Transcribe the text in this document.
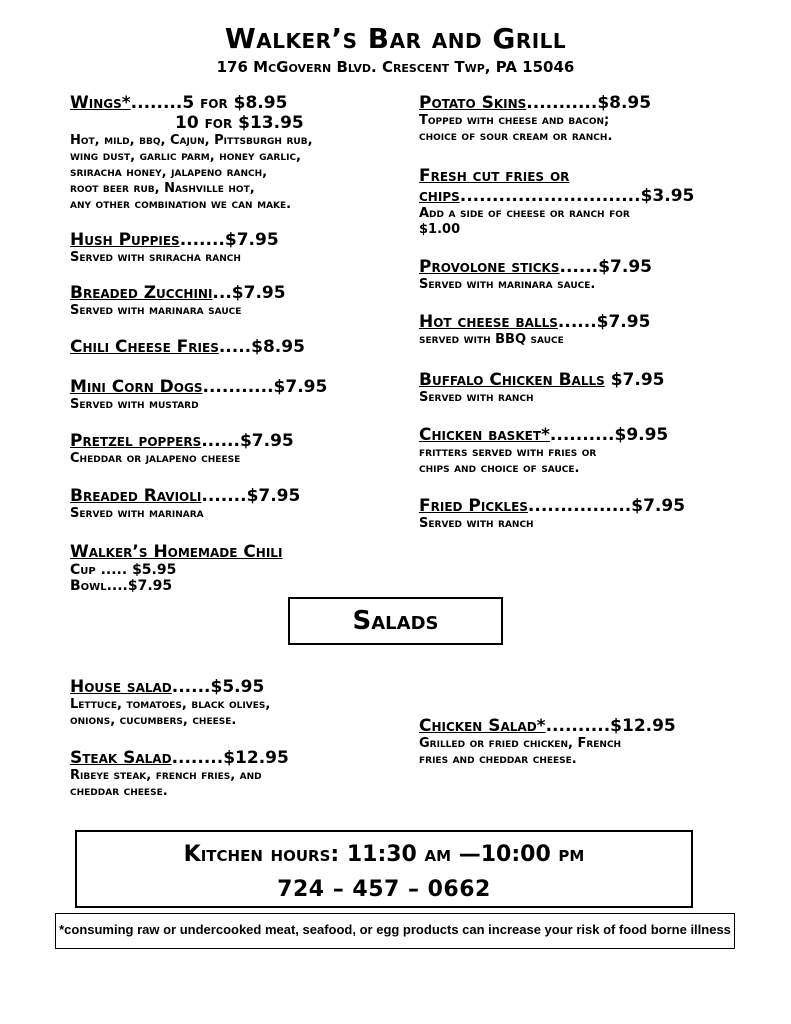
Walker’s Bar and Grill
176 McGovern Blvd. Crescent Twp, PA 15046
Wings*........5 for $8.95
10 for $13.95
Hot, mild, bbq, Cajun, Pittsburgh rub,
wing dust, garlic parm, honey garlic,
sriracha honey, jalapeno ranch,
root beer rub, Nashville hot,
any other combination we can make.
Hush Puppies.......$7.95
Served with sriracha ranch
Breaded Zucchini...$7.95
Served with marinara sauce
Chili Cheese Fries.....$8.95
Mini Corn Dogs...........$7.95
Served with mustard
Pretzel poppers......$7.95
Cheddar or jalapeno cheese
Breaded Ravioli.......$7.95
Served with marinara
Walker’s Homemade Chili
Cup ..... $5.95
Bowl....$7.95
Potato Skins...........$8.95
Topped with cheese and bacon;
choice of sour cream or ranch.
Fresh cut fries or
chips............................$3.95
Add a side of cheese or ranch for
$1.00
Provolone sticks......$7.95
Served with marinara sauce.
Hot cheese balls......$7.95
served with BBQ sauce
Buffalo Chicken Balls $7.95
Served with ranch
Chicken basket*..........$9.95
fritters served with fries or
chips and choice of sauce.
Fried Pickles................$7.95
Served with ranch
Salads
House salad......$5.95
Lettuce, tomatoes, black olives,
onions, cucumbers, cheese.
Steak Salad........$12.95
Ribeye steak, french fries, and
cheddar cheese.
Chicken Salad*..........$12.95
Grilled or fried chicken, French
fries and cheddar cheese.
Kitchen hours: 11:30 am —10:00 pm
724 – 457 – 0662
*consuming raw or undercooked meat, seafood, or egg products can increase your risk of food borne illness
